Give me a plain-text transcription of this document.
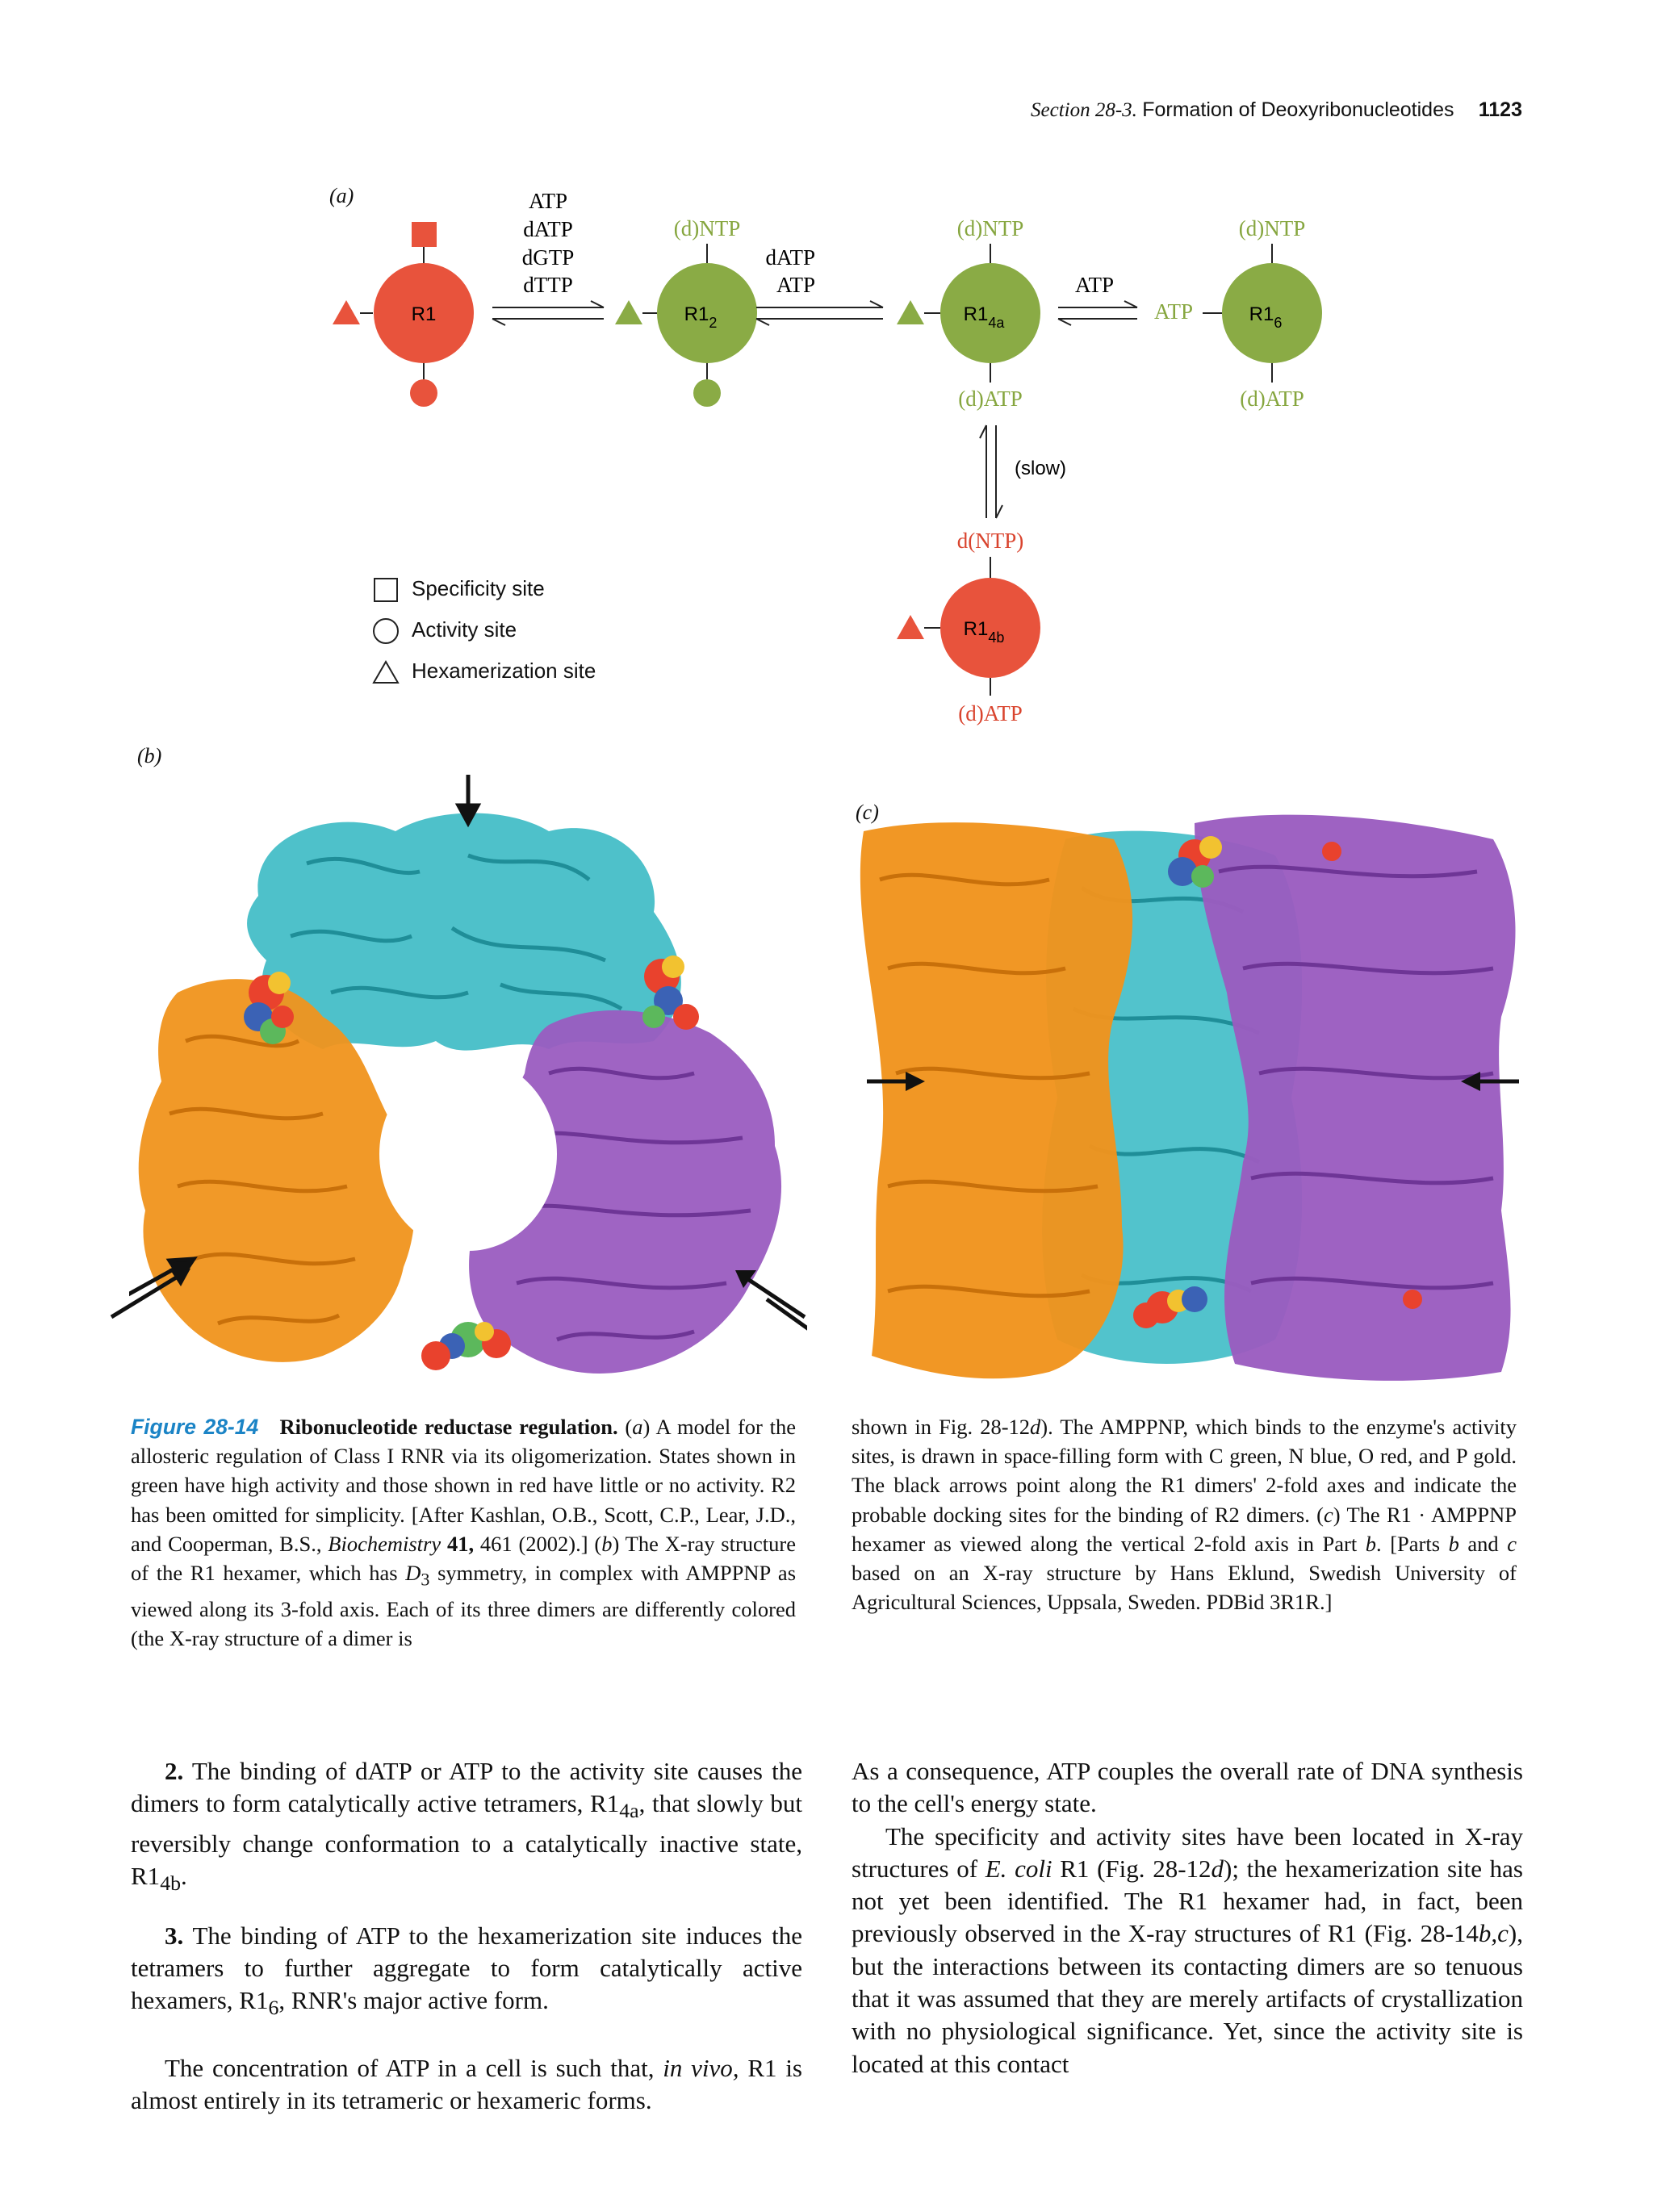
Section 28-3. Formation of Deoxyribonucleotides 1123
(a)
R1
ATP
dATP
dGTP
dTTP
(d)NTP
$R1_2$
dATP
ATP
(d)NTP
(d)ATP
$R1_{4a}$
ATP
(d)NTP
ATP
(d)ATP
$R1_6$
(slow)
d(NTP)
(d)ATP
$R1_{4b}$
Specificity site
Activity site
Hexamerization site
(b)
(c)
Figure 28-14 Ribonucleotide reductase regulation. (a) A model for the allosteric regulation of Class I RNR via its oligomerization. States shown in green have high activity and those shown in red have little or no activity. R2 has been omitted for simplicity. [After Kashlan, O.B., Scott, C.P., Lear, J.D., and Cooperman, B.S., Biochemistry 41, 461 (2002).] (b) The X-ray structure of the R1 hexamer, which has $D_3$ symmetry, in complex with AMPPNP as viewed along its 3-fold axis. Each of its three dimers are differently colored (the X-ray structure of a dimer is
shown in Fig. 28-12d). The AMPPNP, which binds to the enzyme's activity sites, is drawn in space-filling form with C green, N blue, O red, and P gold. The black arrows point along the R1 dimers' 2-fold axes and indicate the probable docking sites for the binding of R2 dimers. (c) The R1 · AMPPNP hexamer as viewed along the vertical 2-fold axis in Part b. [Parts b and c based on an X-ray structure by Hans Eklund, Swedish University of Agricultural Sciences, Uppsala, Sweden. PDBid 3R1R.]

2. The binding of dATP or ATP to the activity site causes the dimers to form catalytically active tetramers, $R1_{4a}$, that slowly but reversibly change conformation to a catalytically inactive state, $R1_{4b}$.

3. The binding of ATP to the hexamerization site induces the tetramers to further aggregate to form catalytically active hexamers, $R1_6$, RNR's major active form.

The concentration of ATP in a cell is such that, in vivo, R1 is almost entirely in its tetrameric or hexameric forms.

As a consequence, ATP couples the overall rate of DNA synthesis to the cell's energy state.

The specificity and activity sites have been located in X-ray structures of E. coli R1 (Fig. 28-12d); the hexamerization site has not yet been identified. The R1 hexamer had, in fact, been previously observed in the X-ray structures of R1 (Fig. 28-14b,c), but the interactions between its contacting dimers are so tenuous that it was assumed that they are merely artifacts of crystallization with no physiological significance. Yet, since the activity site is located at this contact
